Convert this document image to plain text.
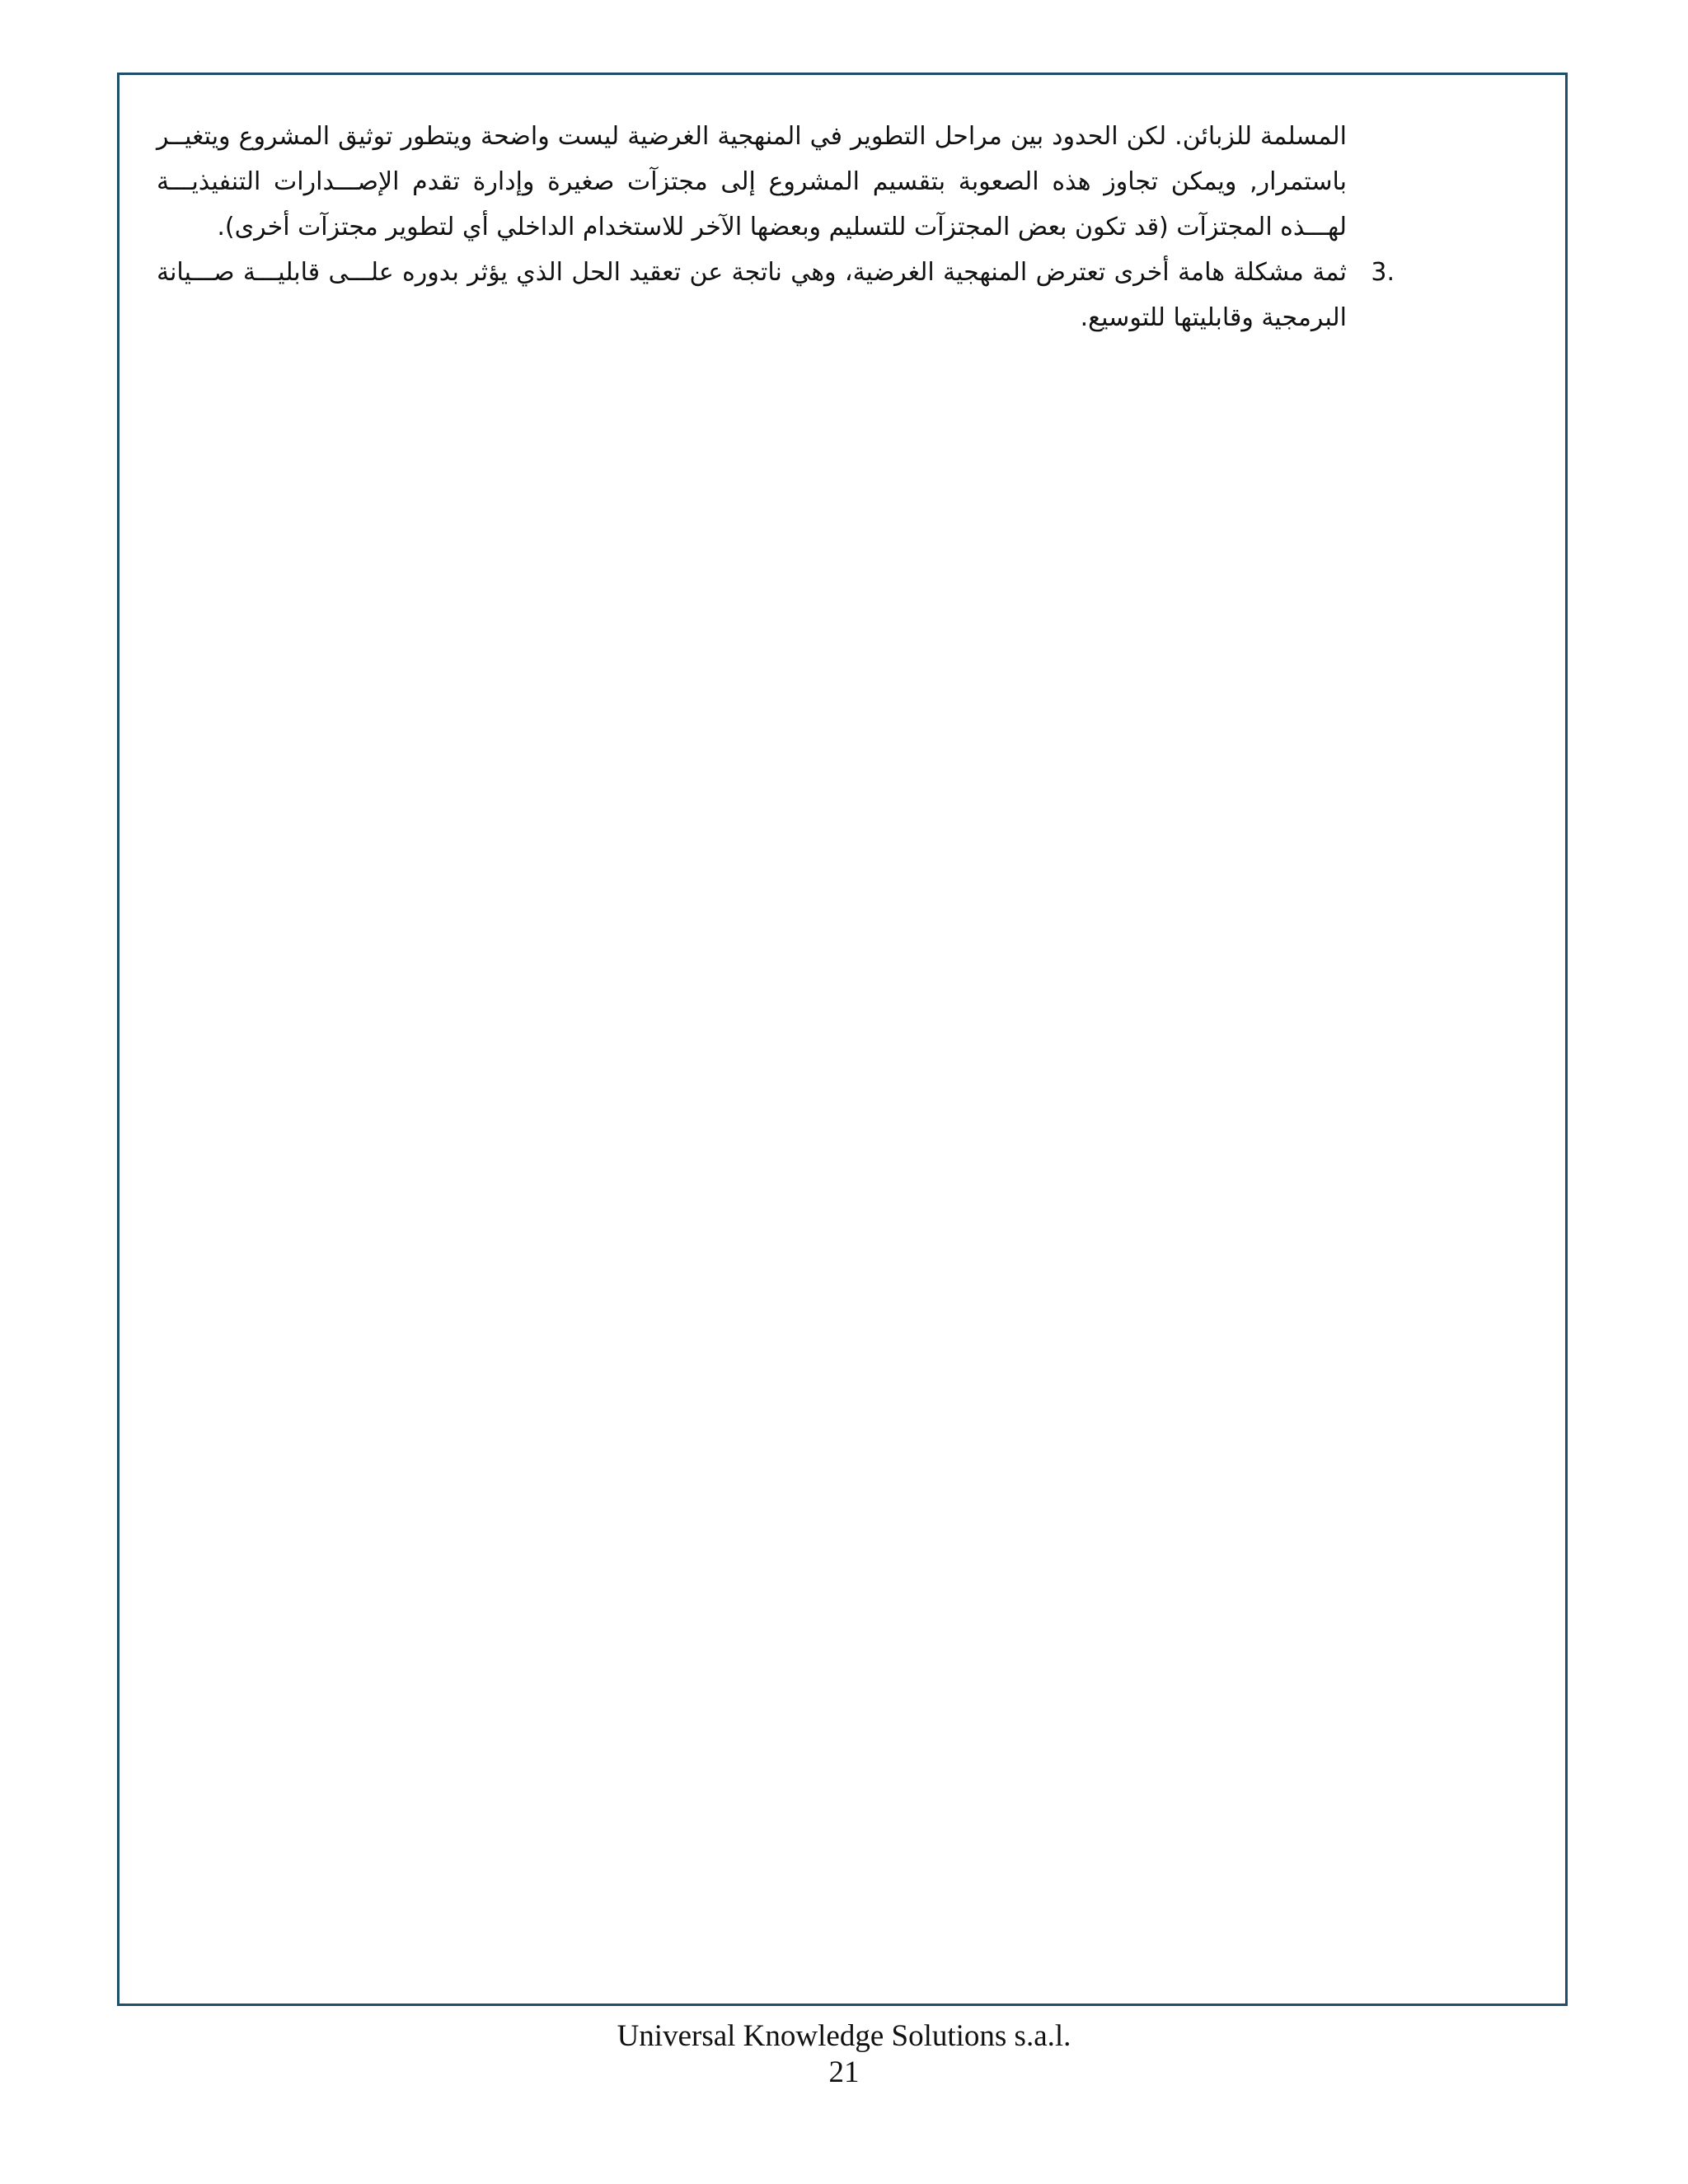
المسلمة للزبائن. لكن الحدود بين مراحل التطوير في المنهجية الغرضية ليست واضحة ويتطور توثيق المشروع ويتغيــر باستمرار, ويمكن تجاوز هذه الصعوبة بتقسيم المشروع إلى مجتزآت صغيرة وإدارة تقدم الإصـــدارات التنفيذيـــة لهـــذه المجتزآت (قد تكون بعض المجتزآت للتسليم وبعضها الآخر للاستخدام الداخلي أي لتطوير مجتزآت أخرى).

3.
ثمة مشكلة هامة أخرى تعترض المنهجية الغرضية، وهي ناتجة عن تعقيد الحل الذي يؤثر بدوره علـــى قابليـــة صـــيانة البرمجية وقابليتها للتوسيع.
Universal Knowledge Solutions s.a.l.
21
